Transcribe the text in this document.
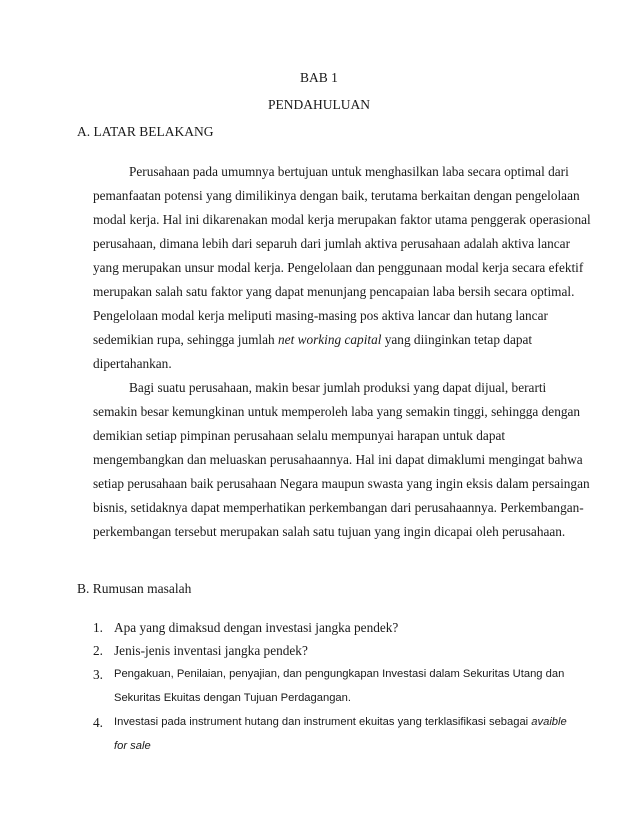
BAB 1
PENDAHULUAN
A. LATAR BELAKANG
Perusahaan pada umumnya bertujuan untuk menghasilkan laba secara optimal dari
pemanfaatan potensi yang dimilikinya dengan baik, terutama berkaitan dengan pengelolaan
modal kerja. Hal ini dikarenakan modal kerja merupakan faktor utama penggerak operasional
perusahaan, dimana lebih dari separuh dari jumlah aktiva perusahaan adalah aktiva lancar
yang merupakan unsur modal kerja. Pengelolaan dan penggunaan modal kerja secara efektif
merupakan salah satu faktor yang dapat menunjang pencapaian laba bersih secara optimal.
Pengelolaan modal kerja meliputi masing-masing pos aktiva lancar dan hutang lancar
sedemikian rupa, sehingga jumlah net working capital yang diinginkan tetap dapat
dipertahankan.
Bagi suatu perusahaan, makin besar jumlah produksi yang dapat dijual, berarti
semakin besar kemungkinan untuk memperoleh laba yang semakin tinggi, sehingga dengan
demikian setiap pimpinan perusahaan selalu mempunyai harapan untuk dapat
mengembangkan dan meluaskan perusahaannya. Hal ini dapat dimaklumi mengingat bahwa
setiap perusahaan baik perusahaan Negara maupun swasta yang ingin eksis dalam persaingan
bisnis, setidaknya dapat memperhatikan perkembangan dari perusahaannya. Perkembangan-
perkembangan tersebut merupakan salah satu tujuan yang ingin dicapai oleh perusahaan.
B. Rumusan masalah
1. Apa yang dimaksud dengan investasi jangka pendek?
2. Jenis-jenis inventasi jangka pendek?
3. Pengakuan, Penilaian, penyajian, dan pengungkapan Investasi dalam Sekuritas Utang dan
Sekuritas Ekuitas dengan Tujuan Perdagangan.
4. Investasi pada instrument hutang dan instrument ekuitas yang terklasifikasi sebagai avaible
for sale
